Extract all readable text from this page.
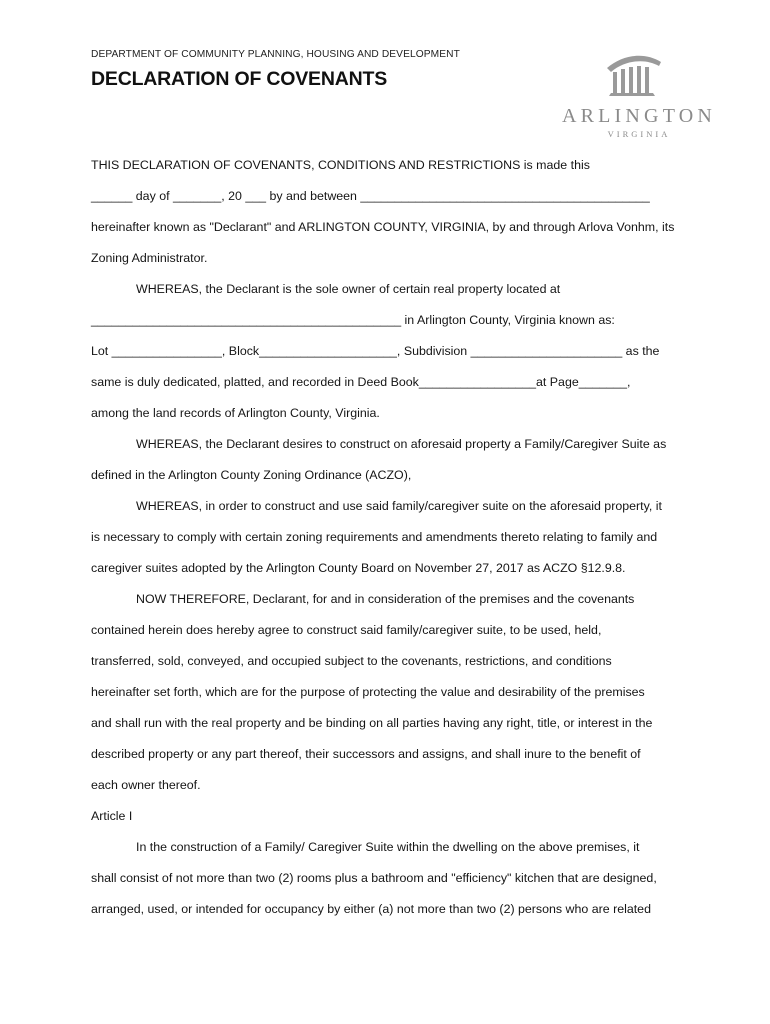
DEPARTMENT OF COMMUNITY PLANNING, HOUSING AND DEVELOPMENT
DECLARATION OF COVENANTS
ARLINGTON
VIRGINIA
THIS DECLARATION OF COVENANTS, CONDITIONS AND RESTRICTIONS is made this
______ day of _______, 20 ___ by and between __________________________________________
hereinafter known as "Declarant" and ARLINGTON COUNTY, VIRGINIA, by and through Arlova Vonhm, its
Zoning Administrator.
WHEREAS, the Declarant is the sole owner of certain real property located at
_____________________________________________ in Arlington County, Virginia known as:
Lot ________________, Block____________________, Subdivision ______________________ as the
same is duly dedicated, platted, and recorded in Deed Book_________________at Page_______,
among the land records of Arlington County, Virginia.
WHEREAS, the Declarant desires to construct on aforesaid property a Family/Caregiver Suite as
defined in the Arlington County Zoning Ordinance (ACZO),
WHEREAS, in order to construct and use said family/caregiver suite on the aforesaid property, it
is necessary to comply with certain zoning requirements and amendments thereto relating to family and
caregiver suites adopted by the Arlington County Board on November 27, 2017 as ACZO §12.9.8.
NOW THEREFORE, Declarant, for and in consideration of the premises and the covenants
contained herein does hereby agree to construct said family/caregiver suite, to be used, held,
transferred, sold, conveyed, and occupied subject to the covenants, restrictions, and conditions
hereinafter set forth, which are for the purpose of protecting the value and desirability of the premises
and shall run with the real property and be binding on all parties having any right, title, or interest in the
described property or any part thereof, their successors and assigns, and shall inure to the benefit of
each owner thereof.
Article I
In the construction of a Family/ Caregiver Suite within the dwelling on the above premises, it
shall consist of not more than two (2) rooms plus a bathroom and "efficiency" kitchen that are designed,
arranged, used, or intended for occupancy by either (a) not more than two (2) persons who are related
